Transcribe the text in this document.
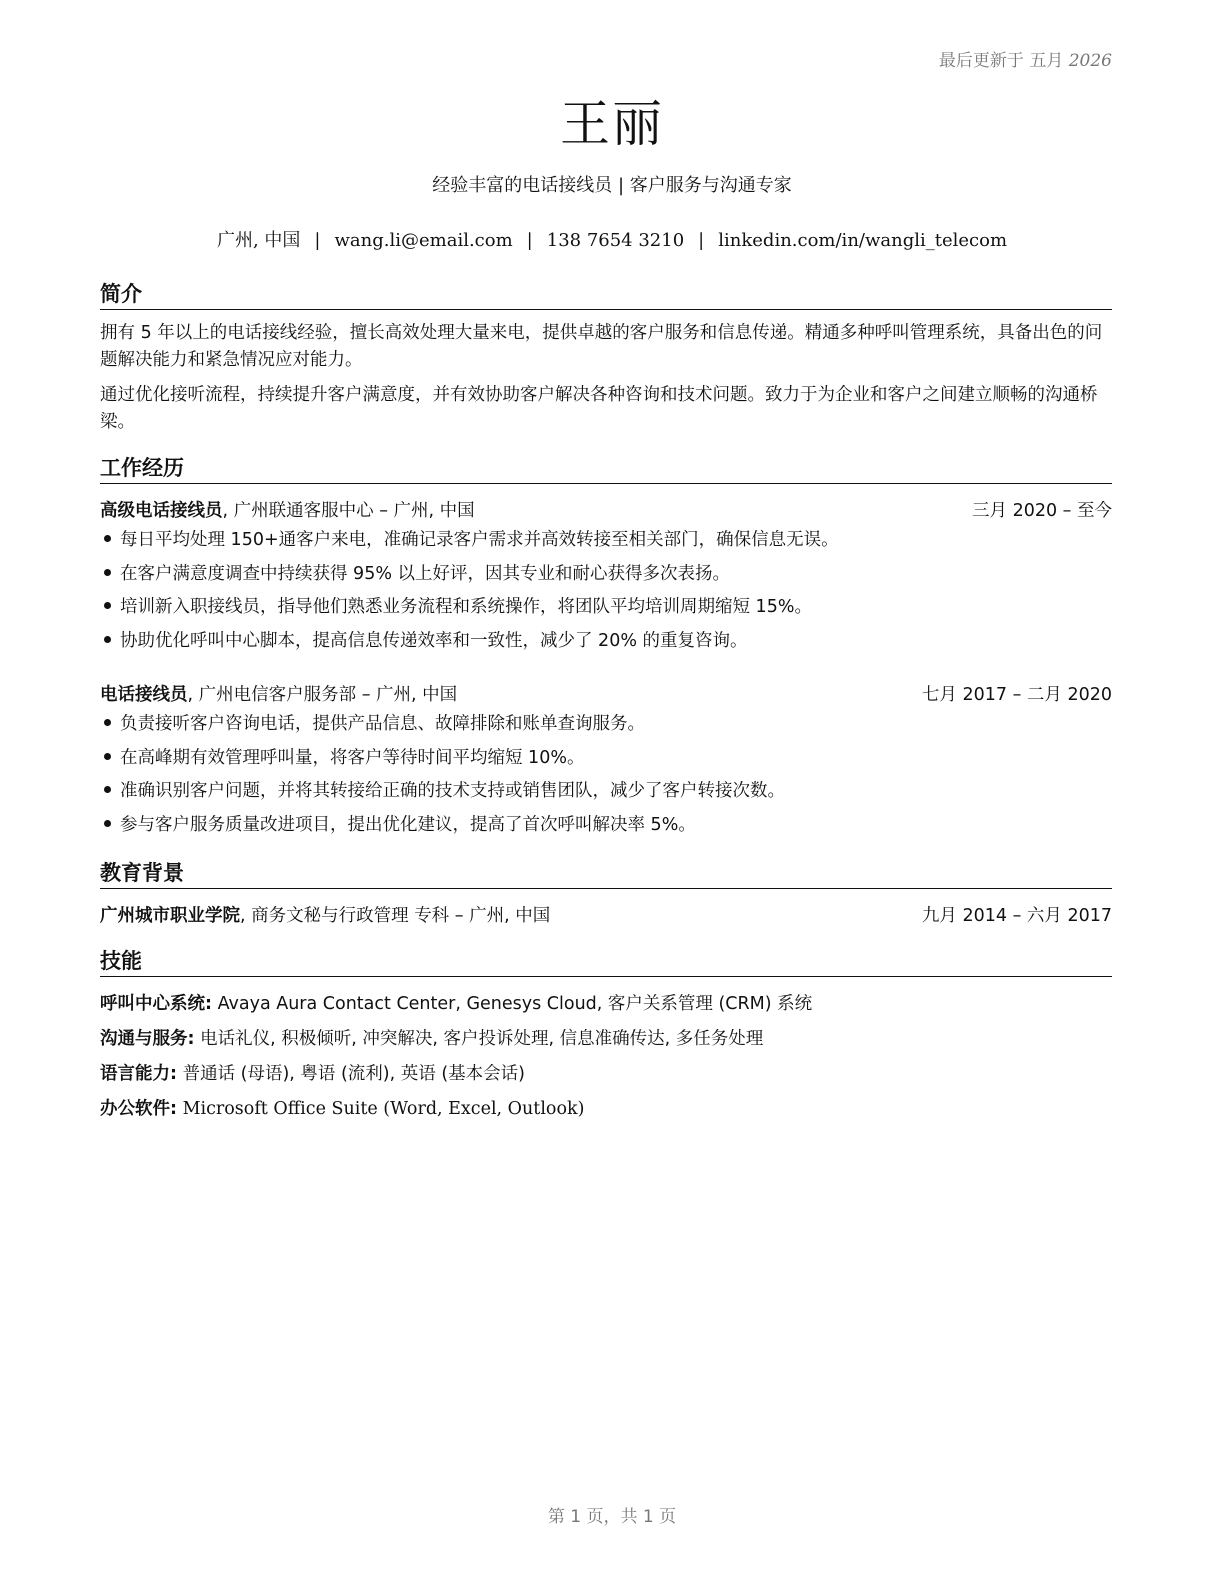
最后更新于 五月 2026
王丽
经验丰富的电话接线员 | 客户服务与沟通专家
广州, 中国 | wang.li@email.com | 138 7654 3210 | linkedin.com/in/wangli_telecom
简介
拥有 5 年以上的电话接线经验，擅长高效处理大量来电，提供卓越的客户服务和信息传递。精通多种呼叫管理系统，具备出色的问题解决能力和紧急情况应对能力。
通过优化接听流程，持续提升客户满意度，并有效协助客户解决各种咨询和技术问题。致力于为企业和客户之间建立顺畅的沟通桥梁。
工作经历
高级电话接线员, 广州联通客服中心 – 广州, 中国	三月 2020 – 至今
每日平均处理 150+通客户来电，准确记录客户需求并高效转接至相关部门，确保信息无误。
在客户满意度调查中持续获得 95% 以上好评，因其专业和耐心获得多次表扬。
培训新入职接线员，指导他们熟悉业务流程和系统操作，将团队平均培训周期缩短 15%。
协助优化呼叫中心脚本，提高信息传递效率和一致性，减少了 20% 的重复咨询。
电话接线员, 广州电信客户服务部 – 广州, 中国	七月 2017 – 二月 2020
负责接听客户咨询电话，提供产品信息、故障排除和账单查询服务。
在高峰期有效管理呼叫量，将客户等待时间平均缩短 10%。
准确识别客户问题，并将其转接给正确的技术支持或销售团队，减少了客户转接次数。
参与客户服务质量改进项目，提出优化建议，提高了首次呼叫解决率 5%。
教育背景
广州城市职业学院, 商务文秘与行政管理 专科 – 广州, 中国	九月 2014 – 六月 2017
技能
呼叫中心系统: Avaya Aura Contact Center, Genesys Cloud, 客户关系管理 (CRM) 系统
沟通与服务: 电话礼仪, 积极倾听, 冲突解决, 客户投诉处理, 信息准确传达, 多任务处理
语言能力: 普通话 (母语), 粤语 (流利), 英语 (基本会话)
办公软件: Microsoft Office Suite (Word, Excel, Outlook)
第 1 页，共 1 页
